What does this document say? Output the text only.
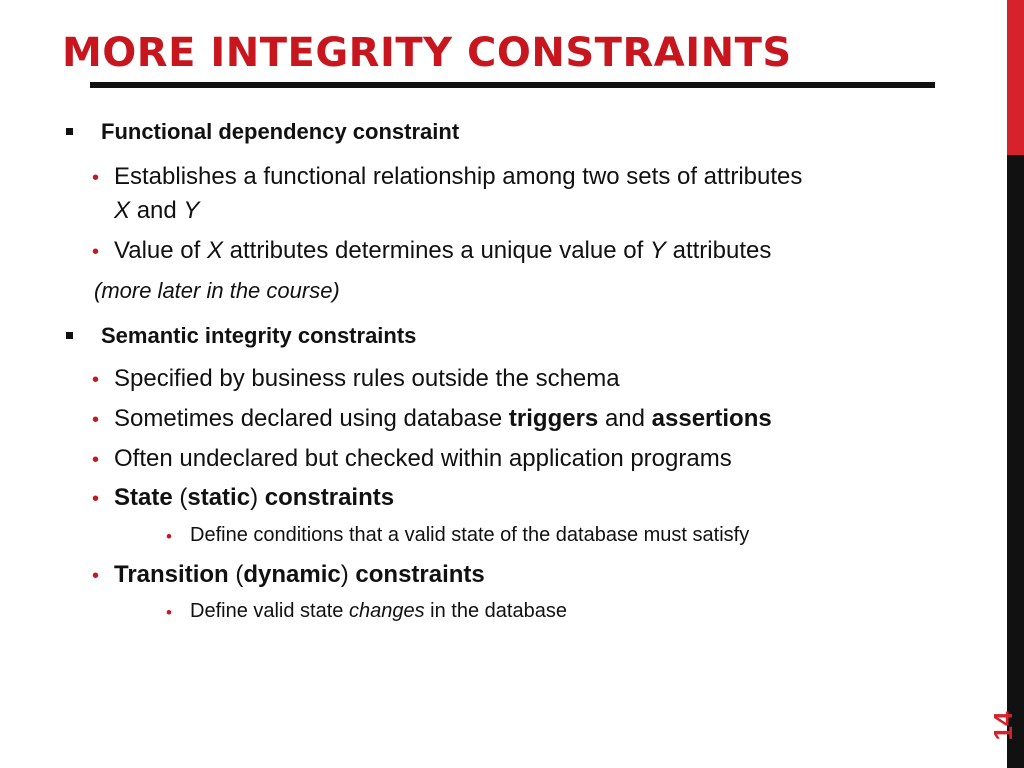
MORE INTEGRITY CONSTRAINTS
Functional dependency constraint
• Establishes a functional relationship among two sets of attributes
X and Y
• Value of X attributes determines a unique value of Y attributes
(more later in the course)
Semantic integrity constraints
• Specified by business rules outside the schema
• Sometimes declared using database triggers and assertions
• Often undeclared but checked within application programs
• State (static) constraints
• Define conditions that a valid state of the database must satisfy
• Transition (dynamic) constraints
• Define valid state changes in the database
14
